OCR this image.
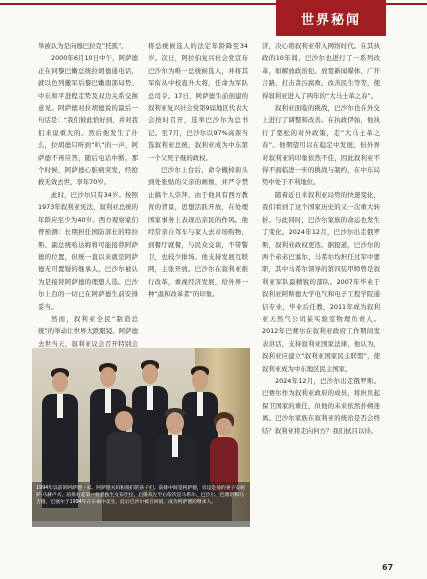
世界秘闻

举被认为是向穆巴拉克“托孤”。

2000年6月10日中午，阿萨德正在同黎巴嫩总统拉胡德通电话，就以色列撤军后黎巴嫩南部局势、中东和平进程走势及双边关系交换意见。阿萨德对拉胡德说的最后一句话是：“我们彼此恰好到，并对我们来说重大的。然后他发生了什么，拉胡德只听到“叭”的一声，阿萨德不再应答，随后电话中断。那个时候，阿萨德心脏病突发，经抢救无效去世，享年70岁。

此时，巴沙尔只有34岁。按照1973年叙利亚宪法，叙利亚总统的年龄应至少为40岁。西方观察家们曾预测：长期担任国防部长的特拉斯、副总统哈达姆将可能接替阿萨德的位置，但统一直以来就是阿萨德无可置疑的继承人，巴沙尔被认为是接替阿萨德的理想人选。巴沙尔上台的一切已在阿萨德生前安排妥当。

然而，叙利亚全民“制造总统”的举动让世界大跌眼镜。阿萨德去世当天，叙利亚议会召开特别会

将总统候选人的法定年龄降至34岁。次日，阿拉伯复兴社会党宣布巴沙尔为唯一总统候选人，并将其军衔从中校直升大将，任命为军队总司令。17日，阿萨德生前创建的叙利亚复兴社会党第9届地区代表大会按时召开，选举巴沙尔为总书记。至7月，巴沙尔以97%高票当选叙利亚总统，叙利亚成为中东第一个父死子继的政权。

巴沙尔上台后，命令撤掉街头到处张贴的父亲的画像，并严令禁止搞个人崇拜，由于他具有西方教育的背景，思想活跃开放，在处理国家事务上表现出亲民的作风。他经常亲自驾车与家人去市场购物，到餐厅就餐，与民众交谈，不带警卫，也较少排场。他支持发展互联网，主张开放。巴沙尔在叙利亚推行改革，重视经济发展，给外界一种“温和改革者”的印象。

济，决心将叙利亚带入网络时代。在其执政的10年间，巴沙尔也进行了一系列改革，如解放政治犯、放宽新闻媒体、广开言路、打击贪污腐败、改善民生等等，使得叙利亚进入了两年的“大马士革之春”。

叙利亚面临的挑战，巴沙尔也在外交上进行了调整和改善。在执政伊始，他执行了宽松的对外政策，走“大马士革之春”。他期望可以在稳定中发展，但外界对叙利亚的印象依然不佳，因此叙利亚不得不面临进一步的挑战与制约，在中东局势中处于不利地位。

随着近日来叙利亚局势的快速变化，我们看到了这个国家历史的又一次重大转折。与此同时，巴沙尔家族的命运也发生了变化。2024年12月，巴沙尔出走俄罗斯，叙利亚政权更迭。据报道，巴沙尔的两个弟弟巴塞尔、马希尔均担任过军中要职，其中马希尔领导的第四装甲师曾是叙利亚军队最精锐的部队。2007年毕业于叙利亚阿斯德大学电气和电子工程学院通信专业，毕业后任教，2011年成为叙利亚天然气公司某实验室物理负责人。2012年巴赛尔在叙利亚政府工作期间发表讲话，支持叙利亚国家法律，他认为，叙利亚应建立“叙利亚国家民主联盟”，使叙利亚成为中东地区民主国家。

2024年12月，巴沙尔出走俄罗斯。巴赛尔作为叙利亚政府的成员，将担负起保卫国家的重任，但他的未来依然扑朔迷离。巴沙尔家族在叙利亚的统治是否会终结？叙利亚将走向何方？我们拭目以待。

1994年以前的阿萨德一家。阿萨德夫妇和他们的孩子们。前排中间是阿萨德，旁边是他的妻子安妮萨·马赫卢夫，前排右起第一位是独生女布什拉，后排从左至右依次是马希尔、巴沙尔、巴塞尔和马吉德。巴塞尔于1994年在车祸中丧生，此后巴沙尔被召回国，成为阿萨德的继承人。
67
